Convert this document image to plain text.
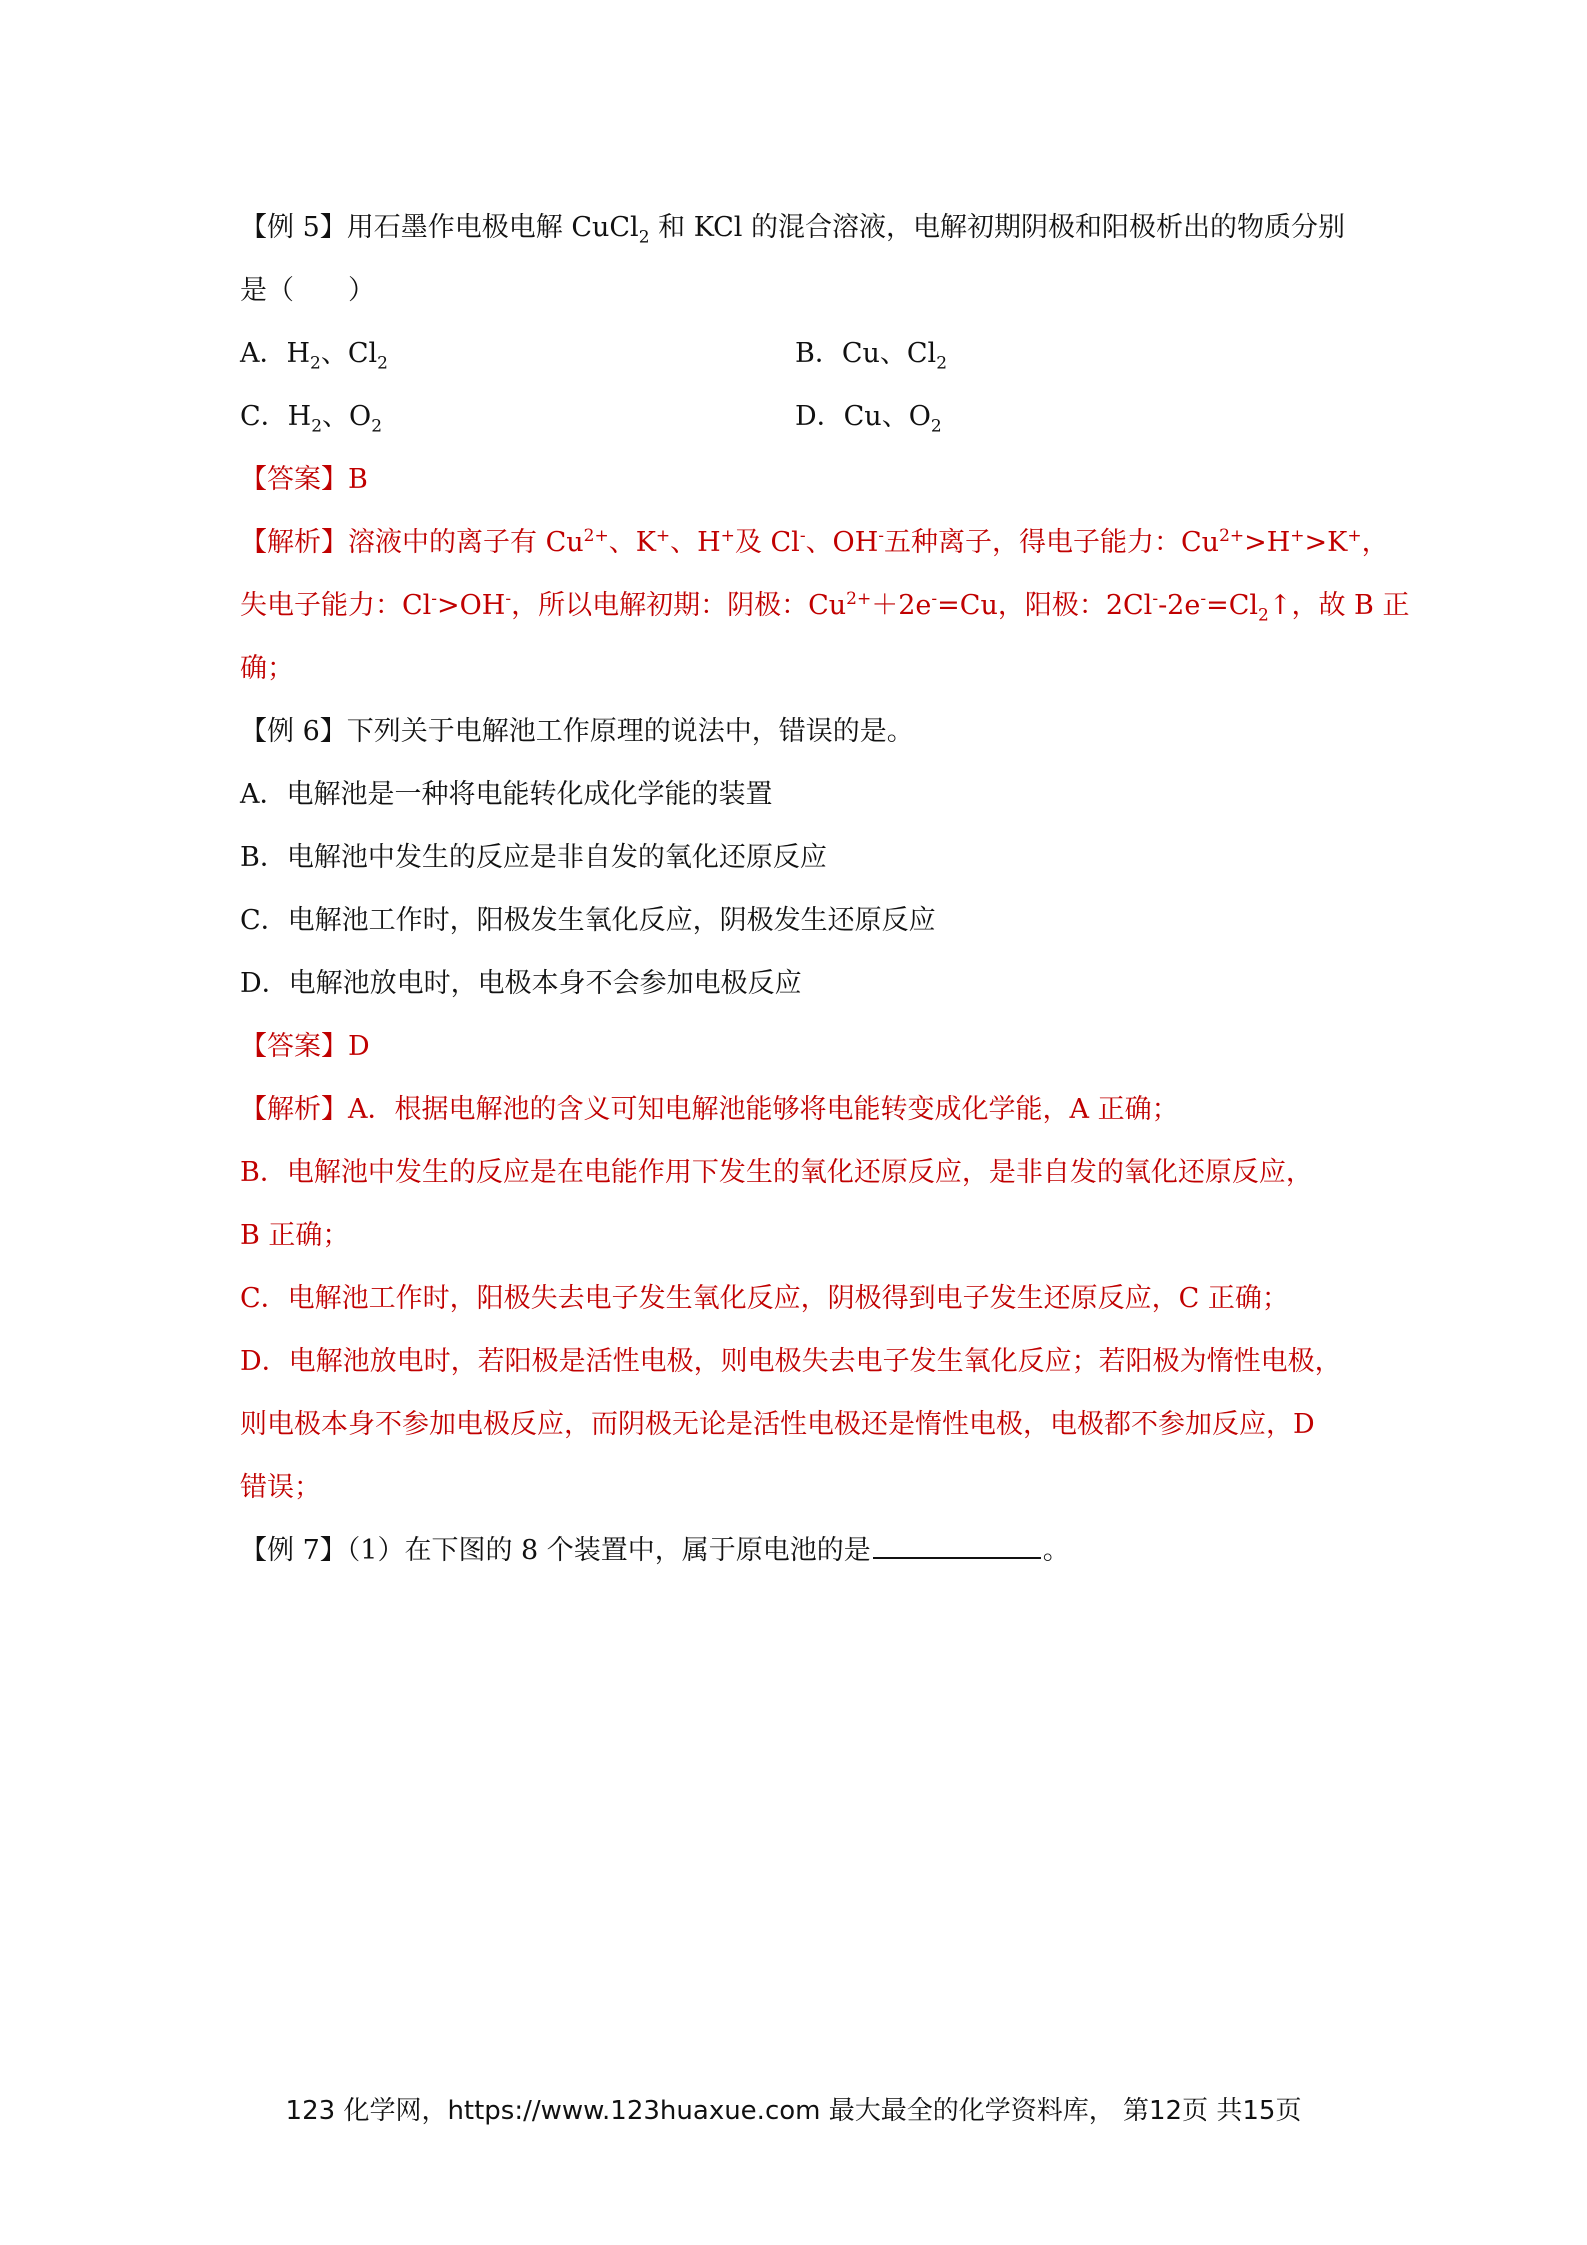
【例 5】用石墨作电极电解 CuCl$_2$ 和 KCl 的混合溶液，电解初期阴极和阳极析出的物质分别
是（　　）
A．$H_2$、$Cl_2$	B．Cu、$Cl_2$
C．$H_2$、$O_2$	D．Cu、$O_2$
【答案】B
【解析】溶液中的离子有 $Cu^{2+}$、K+、H+及 Cl-、OH-五种离子，得电子能力：$Cu^{2+}>H^+>K^+$，
失电子能力：Cl->OH-，所以电解初期：阴极：$Cu^{2+}+2e^-=Cu$，阳极：$2Cl^--2e^-=Cl_2↑$，故 B 正
确；
【例 6】下列关于电解池工作原理的说法中，错误的是。
A．电解池是一种将电能转化成化学能的装置
B．电解池中发生的反应是非自发的氧化还原反应
C．电解池工作时，阳极发生氧化反应，阴极发生还原反应
D．电解池放电时，电极本身不会参加电极反应
【答案】D
【解析】A．根据电解池的含义可知电解池能够将电能转变成化学能，A 正确；
B．电解池中发生的反应是在电能作用下发生的氧化还原反应，是非自发的氧化还原反应，
B 正确；
C．电解池工作时，阳极失去电子发生氧化反应，阴极得到电子发生还原反应，C 正确；
D．电解池放电时，若阳极是活性电极，则电极失去电子发生氧化反应；若阳极为惰性电极，
则电极本身不参加电极反应，而阴极无论是活性电极还是惰性电极，电极都不参加反应，D
错误；
【例 7】（1）在下图的 8 个装置中，属于原电池的是	。
123 化学网，https://www.123huaxue.com 最大最全的化学资料库， 第12页 共15页
